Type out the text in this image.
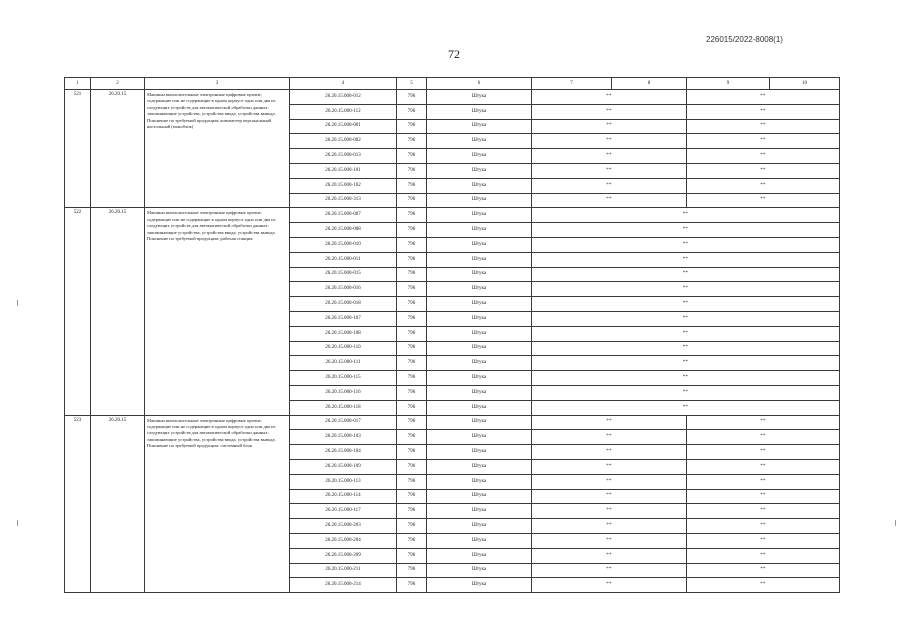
226015/2022-8008(1)
72
1	2	3	4	5	6	7	8	9	10
521	26.20.15	Машины вычислительные электронные цифровые прочие, содержащие или не содержащие в одном корпусе одно или два из следующих устройств для автоматической обработки данных: запоминающие устройства, устройства ввода, устройства вывода. Пояснение по требуемой продукции: компьютер персональный настольный (моноблок)	26.20.15.000-012	796	Штука	**		**	
			26.20.15.000-112	796	Штука	**		**	
			26.20.15.000-001	796	Штука	**		**	
			26.20.15.000-002	796	Штука	**		**	
			26.20.15.000-013	796	Штука	**		**	
			26.20.15.000-101	796	Штука	**		**	
			26.20.15.000-102	796	Штука	**		**	
			26.20.15.000-313	796	Штука	**		**	
522	26.20.15	Машины вычислительные электронные цифровые прочие, содержащие или не содержащие в одном корпусе одно или два из следующих устройств для автоматической обработки данных: запоминающие устройства, устройства ввода, устройства вывода. Пояснение по требуемой продукции: рабочая станция	26.20.15.000-007	796	Штука	**			
			26.20.15.000-008	796	Штука	**			
			26.20.15.000-010	796	Штука	**			
			26.20.15.000-011	796	Штука	**			
			26.20.15.000-015	796	Штука	**			
			26.20.15.000-016	796	Штука	**			
			26.20.15.000-018	796	Штука	**			
			26.20.15.000-107	796	Штука	**			
			26.20.15.000-108	796	Штука	**			
			26.20.15.000-110	796	Штука	**			
			26.20.15.000-111	796	Штука	**			
			26.20.15.000-115	796	Штука	**			
			26.20.15.000-116	796	Штука	**			
			26.20.15.000-118	796	Штука	**			
523	26.20.15	Машины вычислительные электронные цифровые прочие, содержащие или не содержащие в одном корпусе одно или два из следующих устройств для автоматической обработки данных: запоминающие устройства, устройства ввода, устройства вывода. Пояснение по требуемой продукции: системный блок	26.20.15.000-017	796	Штука	**		**	
			26.20.15.000-103	796	Штука	**		**	
			26.20.15.000-104	796	Штука	**		**	
			26.20.15.000-109	796	Штука	**		**	
			26.20.15.000-113	796	Штука	**		**	
			26.20.15.000-114	796	Штука	**		**	
			26.20.15.000-117	796	Штука	**		**	
			26.20.15.000-203	796	Штука	**		**	
			26.20.15.000-204	796	Штука	**		**	
			26.20.15.000-209	796	Штука	**		**	
			26.20.15.000-211	796	Штука	**		**	
			26.20.15.000-214	796	Штука	**		**	
